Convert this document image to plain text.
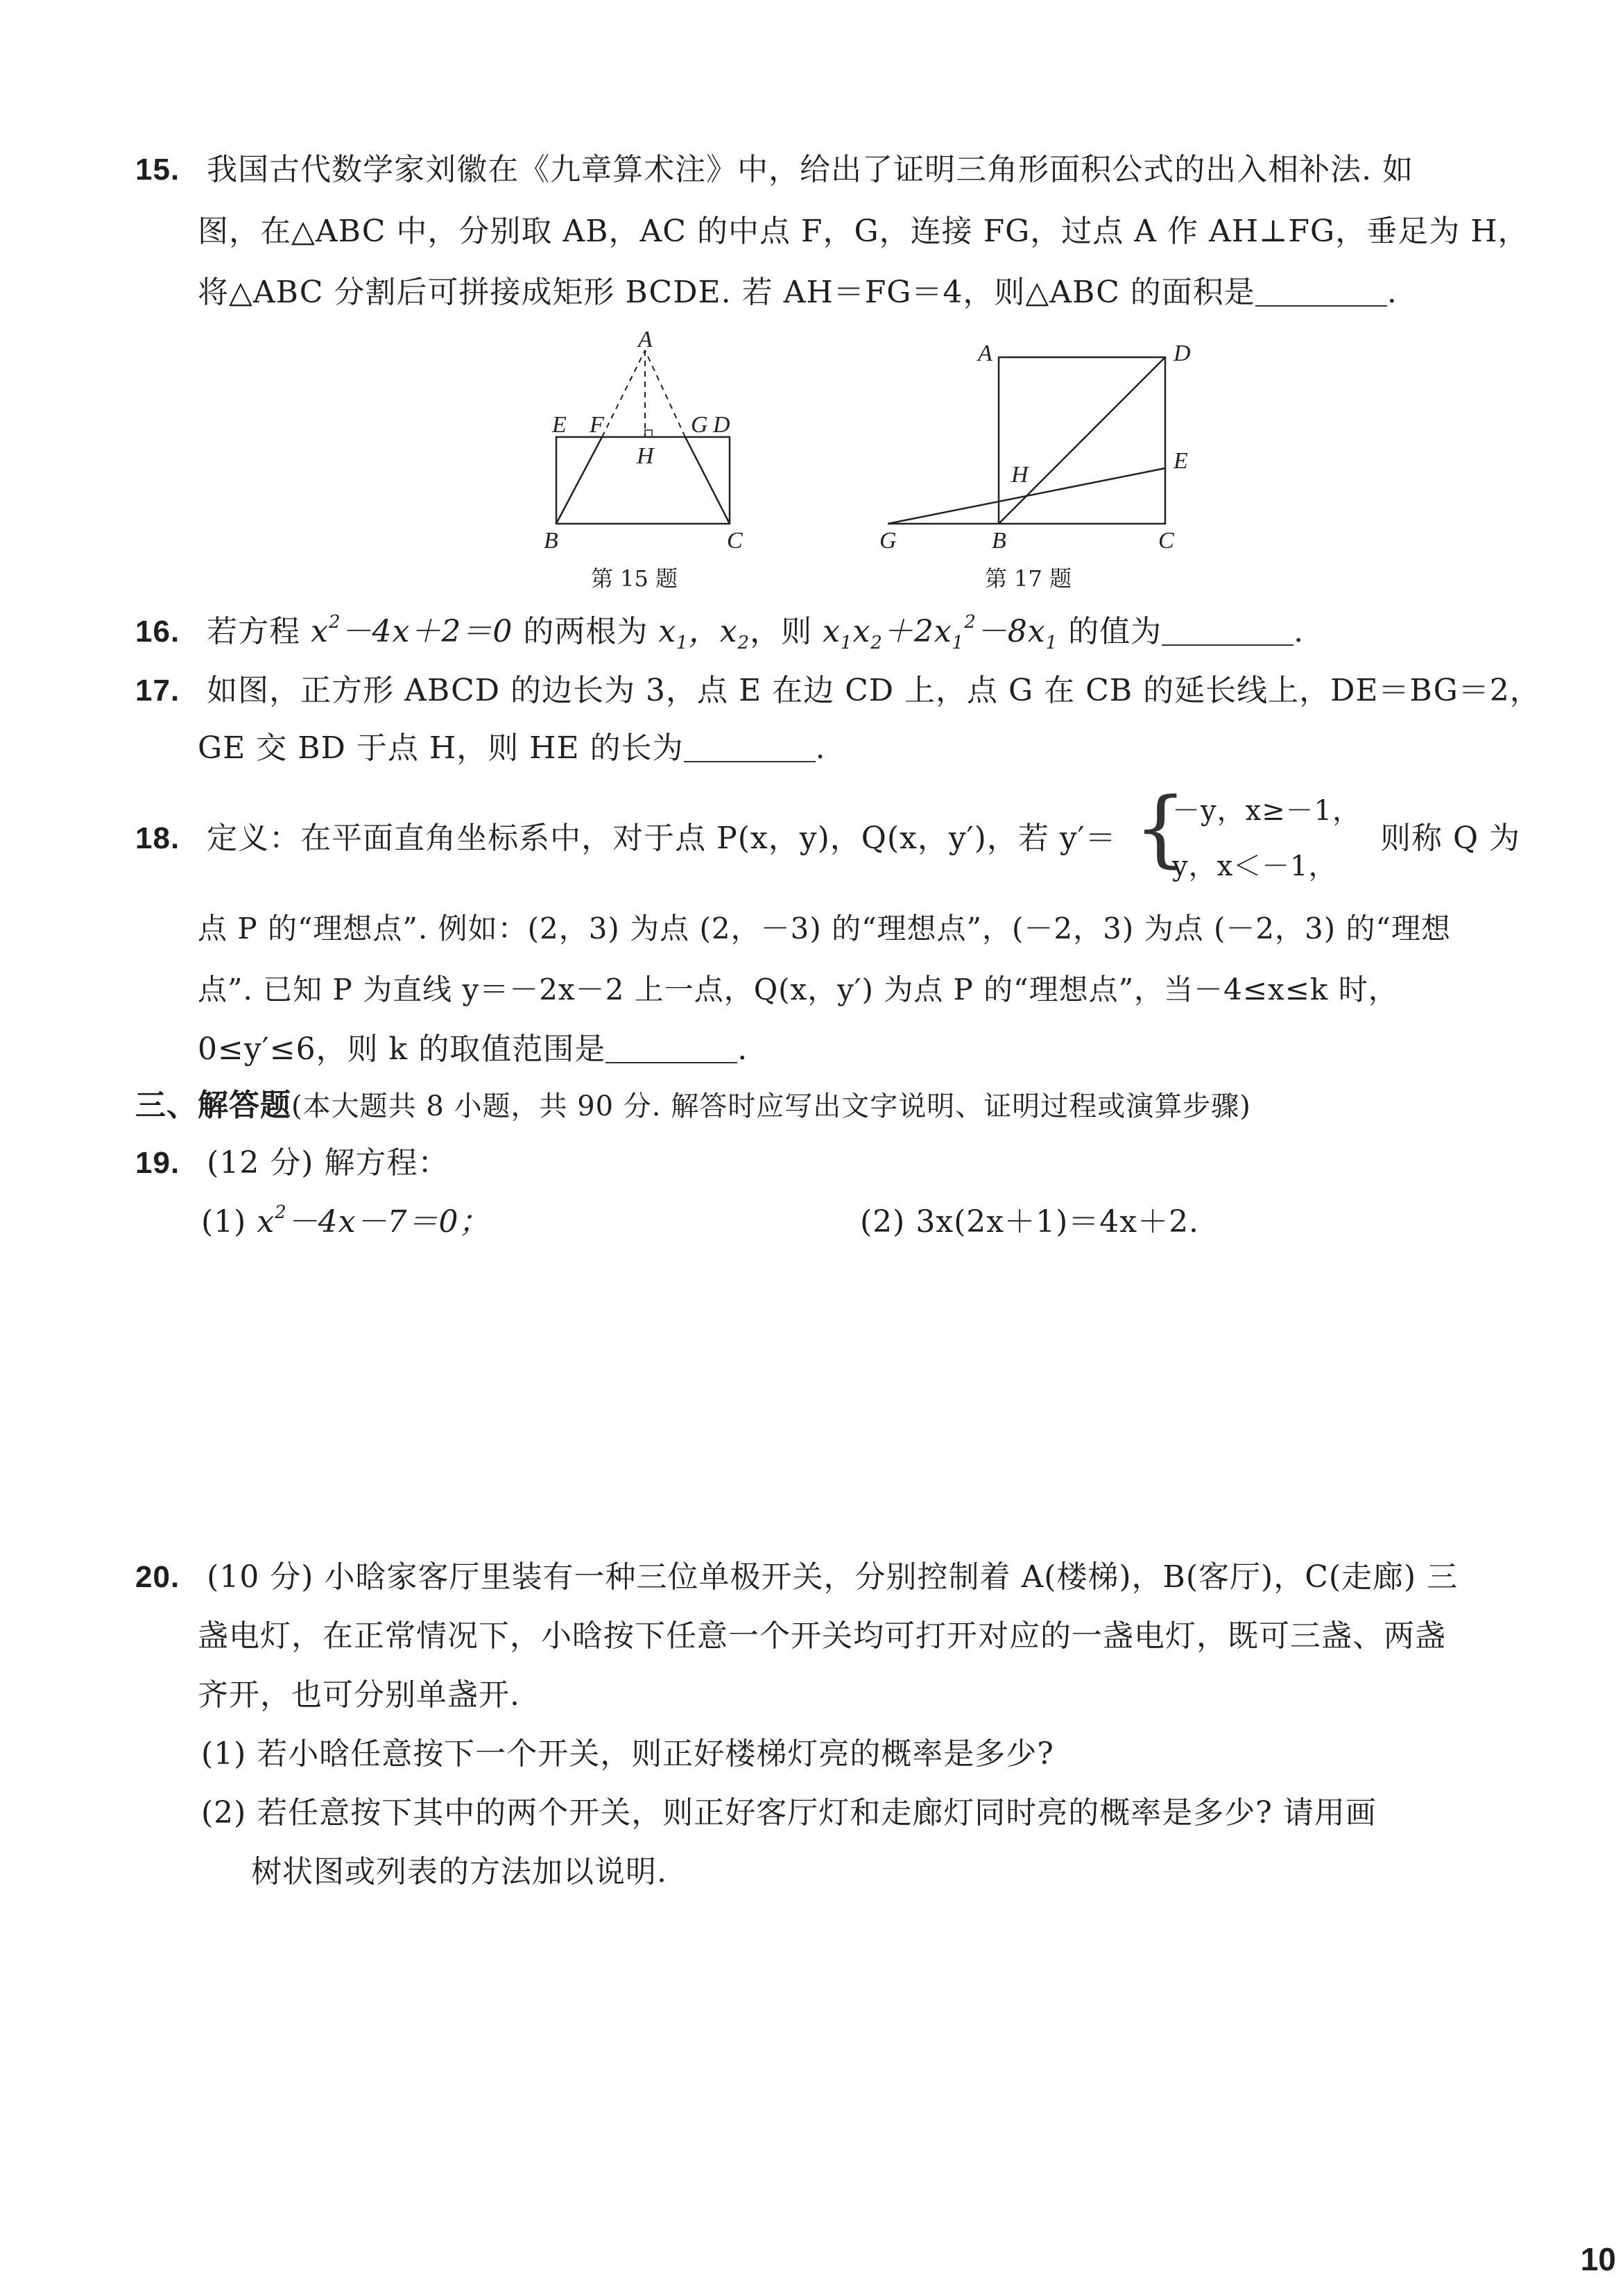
15. 我国古代数学家刘徽在《九章算术注》中，给出了证明三角形面积公式的出入相补法. 如
图，在△ABC 中，分别取 AB，AC 的中点 F，G，连接 FG，过点 A 作 AH⊥FG，垂足为 H，
将△ABC 分割后可拼接成矩形 BCDE. 若 AH＝FG＝4，则△ABC 的面积是	.
A
E F
H
G D
B	C
第 15 题
A	D
H
E
G	B	C
第 17 题
16. 若方程 $x^2-4x+2=0$ 的两根为 $x_1$，$x_2$，则 $x_1x_2+2x_1^2-8x_1$ 的值为	.
17. 如图，正方形 ABCD 的边长为 3，点 E 在边 CD 上，点 G 在 CB 的延长线上，DE＝BG＝2，
GE 交 BD 于点 H，则 HE 的长为	.
18. 定义：在平面直角坐标系中，对于点 P(x，y)，Q(x，y′)，若 y′＝ {
－y，x≥－1，
y，x＜－1，
则称 Q 为
点 P 的“理想点”. 例如：(2，3) 为点 (2，－3) 的“理想点”，(－2，3) 为点 (－2，3) 的“理想
点”. 已知 P 为直线 y＝－2x－2 上一点，Q(x，y′) 为点 P 的“理想点”，当－4≤x≤k 时，
0≤y′≤6，则 k 的取值范围是	.
三、解答题(本大题共 8 小题，共 90 分. 解答时应写出文字说明、证明过程或演算步骤)
19. (12 分) 解方程：
(1) $x^2-4x-7=0$；	(2) 3x(2x＋1)＝4x＋2.
20. (10 分) 小晗家客厅里装有一种三位单极开关，分别控制着 A(楼梯)，B(客厅)，C(走廊) 三
盏电灯，在正常情况下，小晗按下任意一个开关均可打开对应的一盏电灯，既可三盏、两盏
齐开，也可分别单盏开.
(1) 若小晗任意按下一个开关，则正好楼梯灯亮的概率是多少?
(2) 若任意按下其中的两个开关，则正好客厅灯和走廊灯同时亮的概率是多少? 请用画
树状图或列表的方法加以说明.
10
